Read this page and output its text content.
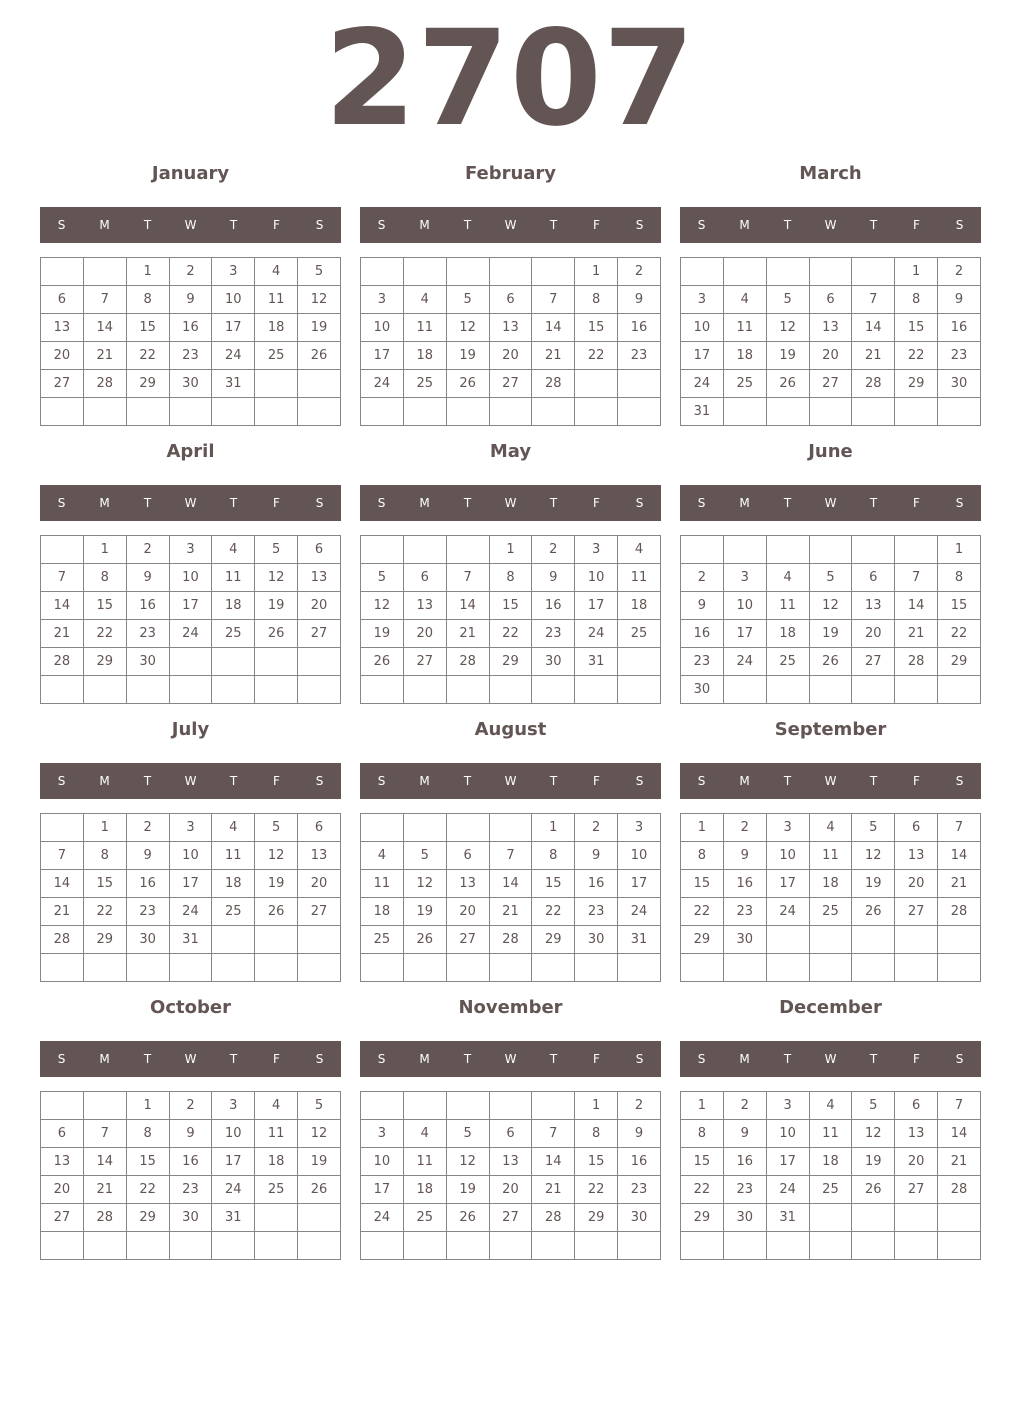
2707
January
S	M	T	W	T	F	S
		1	2	3	4	5
6	7	8	9	10	11	12
13	14	15	16	17	18	19
20	21	22	23	24	25	26
27	28	29	30	31		

February
S	M	T	W	T	F	S
					1	2
3	4	5	6	7	8	9
10	11	12	13	14	15	16
17	18	19	20	21	22	23
24	25	26	27	28		

March
S	M	T	W	T	F	S
					1	2
3	4	5	6	7	8	9
10	11	12	13	14	15	16
17	18	19	20	21	22	23
24	25	26	27	28	29	30
31						
April
S	M	T	W	T	F	S
	1	2	3	4	5	6
7	8	9	10	11	12	13
14	15	16	17	18	19	20
21	22	23	24	25	26	27
28	29	30				

May
S	M	T	W	T	F	S
			1	2	3	4
5	6	7	8	9	10	11
12	13	14	15	16	17	18
19	20	21	22	23	24	25
26	27	28	29	30	31	

June
S	M	T	W	T	F	S
						1
2	3	4	5	6	7	8
9	10	11	12	13	14	15
16	17	18	19	20	21	22
23	24	25	26	27	28	29
30						
July
S	M	T	W	T	F	S
	1	2	3	4	5	6
7	8	9	10	11	12	13
14	15	16	17	18	19	20
21	22	23	24	25	26	27
28	29	30	31			

August
S	M	T	W	T	F	S
				1	2	3
4	5	6	7	8	9	10
11	12	13	14	15	16	17
18	19	20	21	22	23	24
25	26	27	28	29	30	31

September
S	M	T	W	T	F	S
1	2	3	4	5	6	7
8	9	10	11	12	13	14
15	16	17	18	19	20	21
22	23	24	25	26	27	28
29	30					

October
S	M	T	W	T	F	S
		1	2	3	4	5
6	7	8	9	10	11	12
13	14	15	16	17	18	19
20	21	22	23	24	25	26
27	28	29	30	31		

November
S	M	T	W	T	F	S
					1	2
3	4	5	6	7	8	9
10	11	12	13	14	15	16
17	18	19	20	21	22	23
24	25	26	27	28	29	30

December
S	M	T	W	T	F	S
1	2	3	4	5	6	7
8	9	10	11	12	13	14
15	16	17	18	19	20	21
22	23	24	25	26	27	28
29	30	31				
